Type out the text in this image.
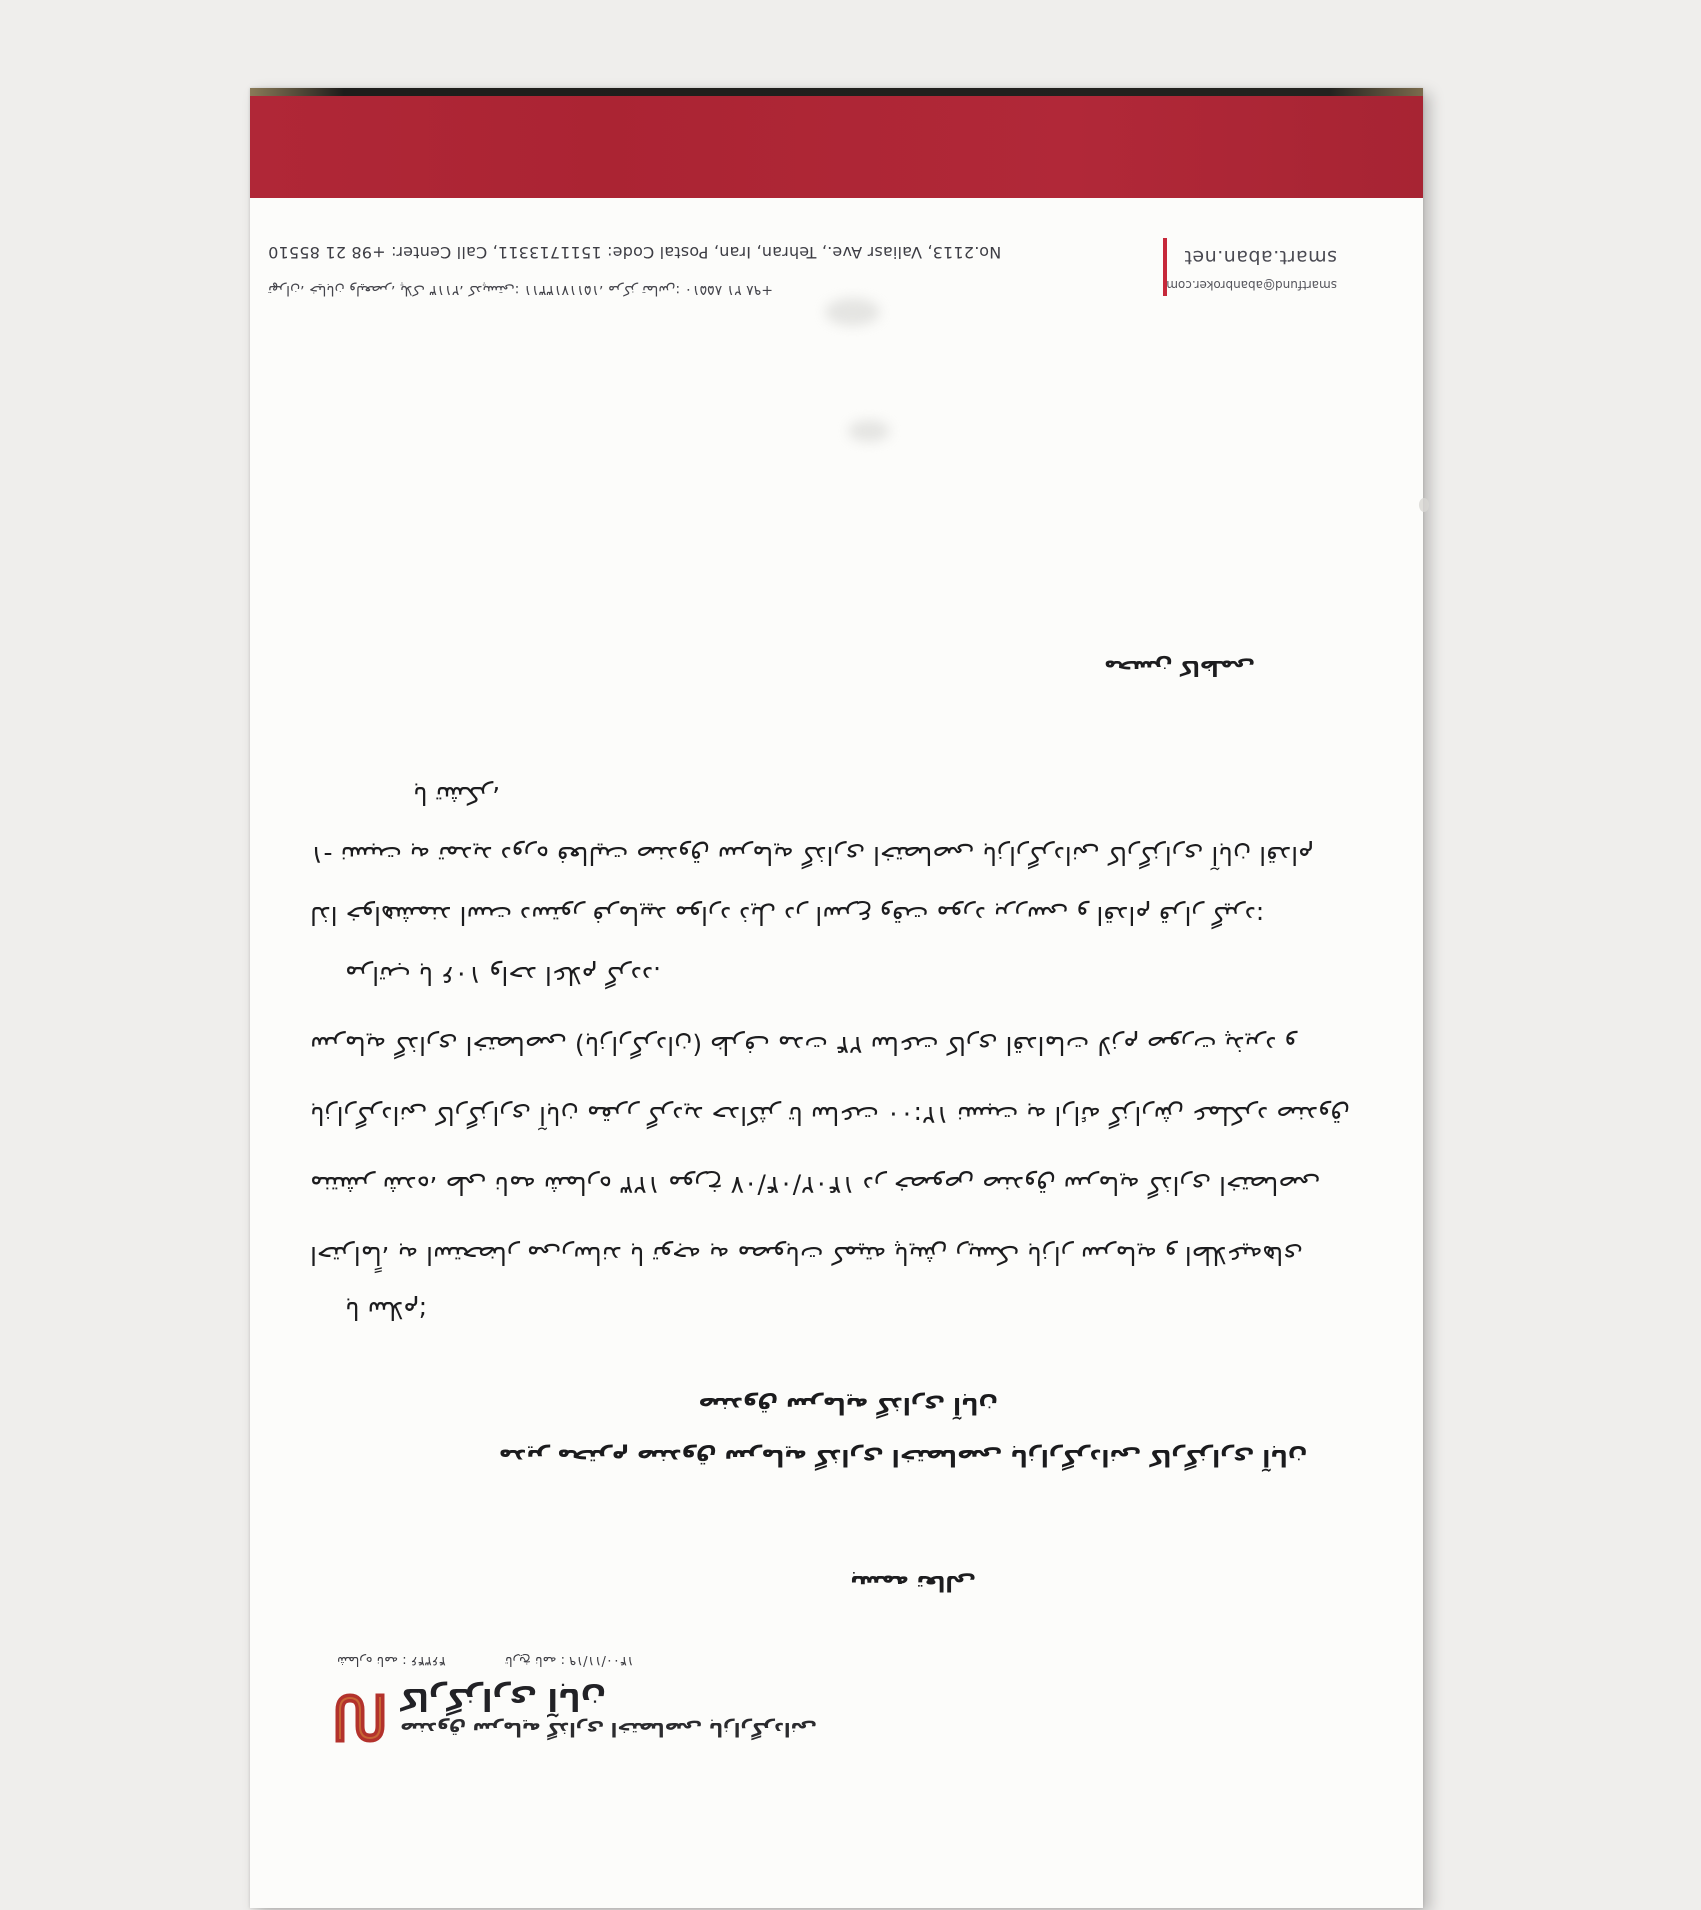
صندوق سرمایه گذاری اختصاصی بازارگردانی
کارگزاری آبان
شماره نامه : ۴۶۳۴۶	تاریخ نامه : ۱۴۰۰/۱۱/۱۹
بسمه تعالی
مدیر محترم صندوق سرمایه گذاری اختصاصی بازارگردانی کارگزاری آبان
صندوق سرمایه گذاری آبان
با سلام؛
احتراماً، به استحضار می‌رساند با توجه به مصوبات کمیته پایش ریسک بازار سرمایه و اطلاعیه‌های
منتشر شده، طی نامه شماره ۱۲۳ مورخ ۱۴۰۲/۰۴/۰۷ در خصوص صندوق سرمایه گذاری اختصاصی
بازارگردانی کارگزاری آبان مقرر گردید حداکثر تا ساعت ۱۲:۰۰ نسبت به ارائه گزارش عملکرد صندوق
سرمایه گذاری اختصاصی (بازارگردان) ظرف مدت ۲۴ ساعت کاری اقدامات لازم صورت پذیرد و
مراتب با ۱۰۶ واحد اعلام گردد.
لذا خواهشمند است دستور فرمایید موارد ذیل در اسرع وقت مورد بررسی و اقدام قرار گیرد:
۱- نسبت به تمدید دوره فعالیت صندوق سرمایه گذاری اختصاصی بازارگردانی کارگزاری آبان اقدام
با تشکر،
محسن کاظمی
تهران، خیابان ولیعصر، پلاک ۲۱۱۳، کدپستی: ۱۵۱۱۷۱۳۳۱۱، مرکز تماس: ۸۵۵۱۰ ۲۱ ۹۸+
No.2113, Valiasr Ave., Tehran, Iran, Postal Code: 1511713311, Call Center: +98 21 85510
smartfund@abanbroker.com
smart.aban.net
